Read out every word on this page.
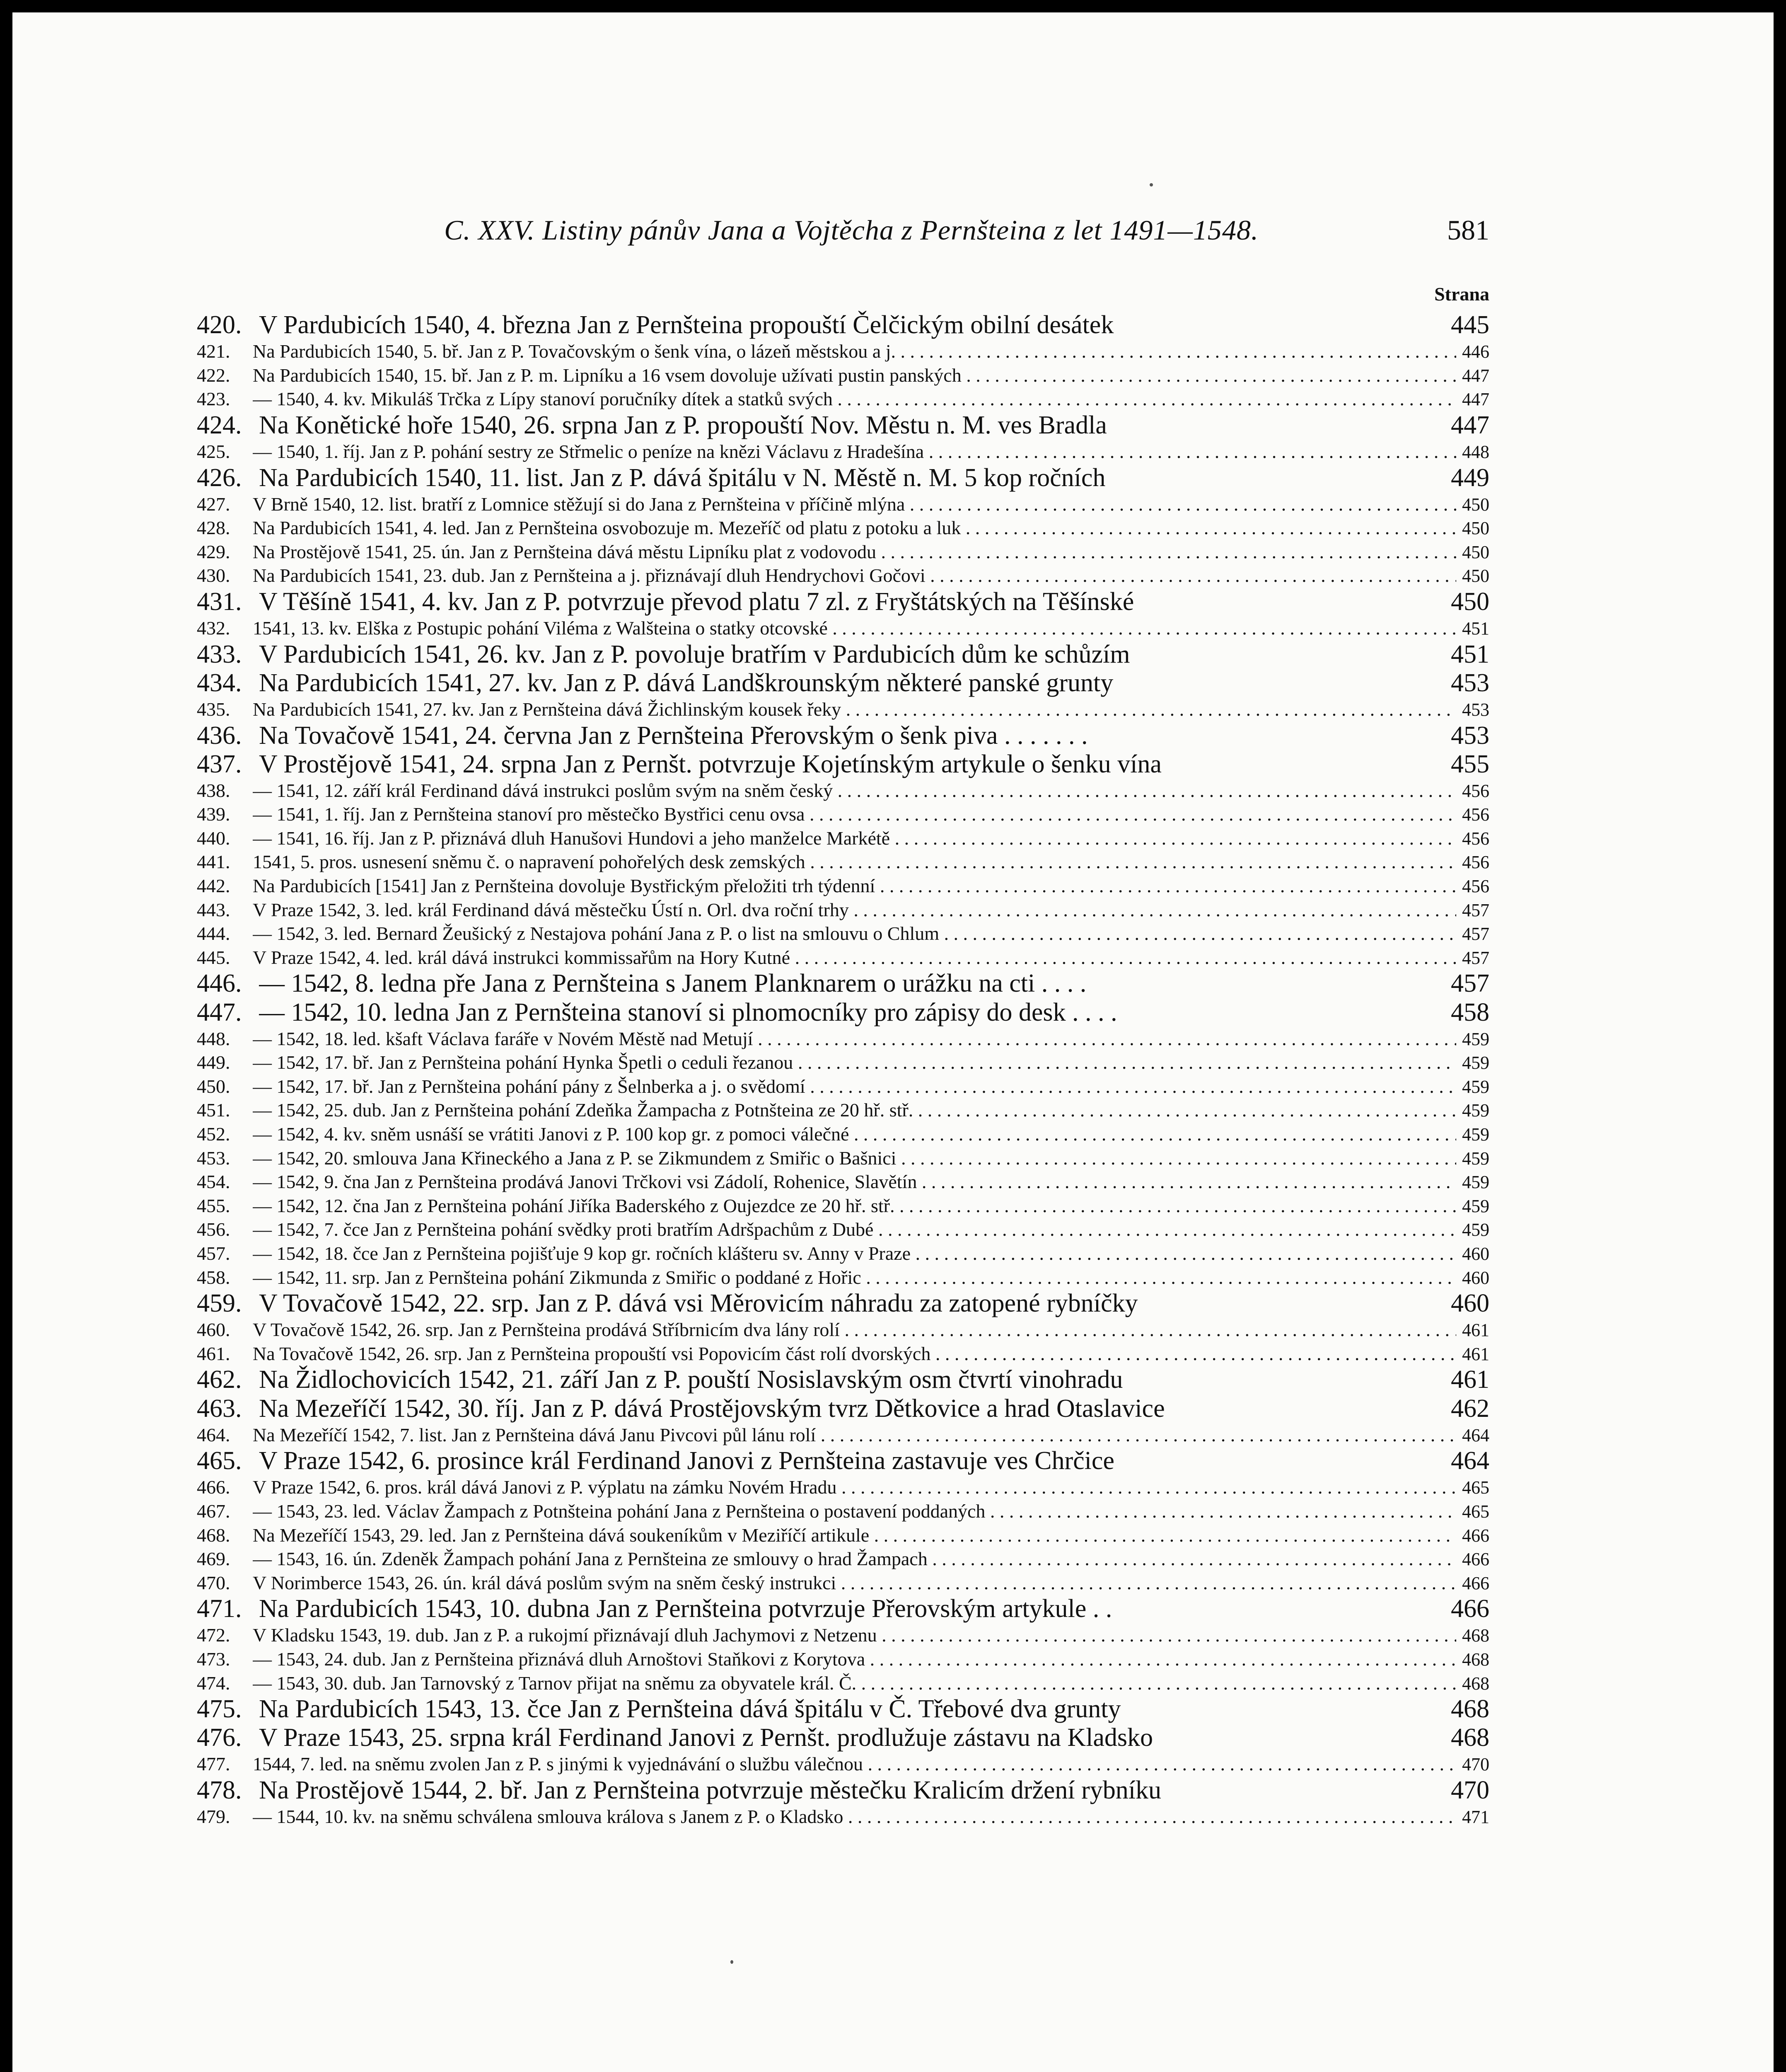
C. XXV. Listiny pánův Jana a Vojtěcha z Pernšteina z let 1491—1548.	581
Strana
420. V Pardubicích 1540, 4. března Jan z Pernšteina propouští Čelčickým obilní desátek	445
421.	Na Pardubicích 1540, 5. bř. Jan z P. Tovačovským o šenk vína, o lázeň městskou a j. . . .	446
422.	Na Pardubicích 1540, 15. bř. Jan z P. m. Lipníku a 16 vsem dovoluje užívati pustin panských . . .	447
423.	— 1540, 4. kv. Mikuláš Trčka z Lípy stanoví poručníky dítek a statků svých . . .	447
424. Na Konětické hoře 1540, 26. srpna Jan z P. propouští Nov. Městu n. M. ves Bradla	447
425.	— 1540, 1. říj. Jan z P. pohání sestry ze Střmelic o peníze na knězi Václavu z Hradešína . . .	448
426. Na Pardubicích 1540, 11. list. Jan z P. dává špitálu v N. Městě n. M. 5 kop ročních	449
427.	V Brně 1540, 12. list. bratří z Lomnice stěžují si do Jana z Pernšteina v příčině mlýna . . .	450
428.	Na Pardubicích 1541, 4. led. Jan z Pernšteina osvobozuje m. Mezeříč od platu z potoku a luk . . .	450
429.	Na Prostějově 1541, 25. ún. Jan z Pernšteina dává městu Lipníku plat z vodovodu . . .	450
430.	Na Pardubicích 1541, 23. dub. Jan z Pernšteina a j. přiznávají dluh Hendrychovi Gočovi . . .	450
431. V Těšíně 1541, 4. kv. Jan z P. potvrzuje převod platu 7 zl. z Fryštátských na Těšínské	450
432.	1541, 13. kv. Elška z Postupic pohání Viléma z Walšteina o statky otcovské . . .	451
433. V Pardubicích 1541, 26. kv. Jan z P. povoluje bratřím v Pardubicích dům ke schůzím	451
434. Na Pardubicích 1541, 27. kv. Jan z P. dává Landškrounským některé panské grunty	453
435.	Na Pardubicích 1541, 27. kv. Jan z Pernšteina dává Žichlinským kousek řeky . . .	453
436. Na Tovačově 1541, 24. června Jan z Pernšteina Přerovským o šenk piva . . . . . . .	453
437. V Prostějově 1541, 24. srpna Jan z Pernšt. potvrzuje Kojetínským artykule o šenku vína	455
438.	— 1541, 12. září král Ferdinand dává instrukci poslům svým na sněm český . . .	456
439.	— 1541, 1. říj. Jan z Pernšteina stanoví pro městečko Bystřici cenu ovsa . . .	456
440.	— 1541, 16. říj. Jan z P. přiznává dluh Hanušovi Hundovi a jeho manželce Markétě . . .	456
441.	1541, 5. pros. usnesení sněmu č. o napravení pohořelých desk zemských . . .	456
442.	Na Pardubicích [1541] Jan z Pernšteina dovoluje Bystřickým přeložiti trh týdenní . . .	456
443.	V Praze 1542, 3. led. král Ferdinand dává městečku Ústí n. Orl. dva roční trhy . . .	457
444.	— 1542, 3. led. Bernard Žeušický z Nestajova pohání Jana z P. o list na smlouvu o Chlum . . .	457
445.	V Praze 1542, 4. led. král dává instrukci kommissařům na Hory Kutné . . .	457
446. — 1542, 8. ledna pře Jana z Pernšteina s Janem Planknarem o urážku na cti . . . .	457
447. — 1542, 10. ledna Jan z Pernšteina stanoví si plnomocníky pro zápisy do desk . . . .	458
448.	— 1542, 18. led. kšaft Václava faráře v Novém Městě nad Metují . . .	459
449.	— 1542, 17. bř. Jan z Pernšteina pohání Hynka Špetli o ceduli řezanou . . .	459
450.	— 1542, 17. bř. Jan z Pernšteina pohání pány z Šelnberka a j. o svědomí . . .	459
451.	— 1542, 25. dub. Jan z Pernšteina pohání Zdeňka Žampacha z Potnšteina ze 20 hř. stř. . . .	459
452.	— 1542, 4. kv. sněm usnáší se vrátiti Janovi z P. 100 kop gr. z pomoci válečné . . .	459
453.	— 1542, 20. smlouva Jana Křineckého a Jana z P. se Zikmundem z Smiřic o Bašnici . . .	459
454.	— 1542, 9. čna Jan z Pernšteina prodává Janovi Trčkovi vsi Zádolí, Rohenice, Slavětín . . .	459
455.	— 1542, 12. čna Jan z Pernšteina pohání Jiříka Baderského z Oujezdce ze 20 hř. stř. . . .	459
456.	— 1542, 7. čce Jan z Pernšteina pohání svědky proti bratřím Adršpachům z Dubé . . .	459
457.	— 1542, 18. čce Jan z Pernšteina pojišťuje 9 kop gr. ročních klášteru sv. Anny v Praze . . .	460
458.	— 1542, 11. srp. Jan z Pernšteina pohání Zikmunda z Smiřic o poddané z Hořic . . .	460
459. V Tovačově 1542, 22. srp. Jan z P. dává vsi Měrovicím náhradu za zatopené rybníčky	460
460.	V Tovačově 1542, 26. srp. Jan z Pernšteina prodává Stříbrnicím dva lány rolí . . .	461
461.	Na Tovačově 1542, 26. srp. Jan z Pernšteina propouští vsi Popovicím část rolí dvorských . . .	461
462. Na Židlochovicích 1542, 21. září Jan z P. pouští Nosislavským osm čtvrtí vinohradu	461
463. Na Mezeříčí 1542, 30. říj. Jan z P. dává Prostějovským tvrz Dětkovice a hrad Otaslavice	462
464.	Na Mezeříčí 1542, 7. list. Jan z Pernšteina dává Janu Pivcovi půl lánu rolí . . .	464
465. V Praze 1542, 6. prosince král Ferdinand Janovi z Pernšteina zastavuje ves Chrčice	464
466.	V Praze 1542, 6. pros. král dává Janovi z P. výplatu na zámku Novém Hradu . . .	465
467.	— 1543, 23. led. Václav Žampach z Potnšteina pohání Jana z Pernšteina o postavení poddaných . . .	465
468.	Na Mezeříčí 1543, 29. led. Jan z Pernšteina dává soukeníkům v Meziříčí artikule . . .	466
469.	— 1543, 16. ún. Zdeněk Žampach pohání Jana z Pernšteina ze smlouvy o hrad Žampach . . .	466
470.	V Norimberce 1543, 26. ún. král dává poslům svým na sněm český instrukci . . .	466
471. Na Pardubicích 1543, 10. dubna Jan z Pernšteina potvrzuje Přerovským artykule . .	466
472.	V Kladsku 1543, 19. dub. Jan z P. a rukojmí přiznávají dluh Jachymovi z Netzenu . . .	468
473.	— 1543, 24. dub. Jan z Pernšteina přiznává dluh Arnoštovi Staňkovi z Korytova . . .	468
474.	— 1543, 30. dub. Jan Tarnovský z Tarnov přijat na sněmu za obyvatele král. Č. . . .	468
475. Na Pardubicích 1543, 13. čce Jan z Pernšteina dává špitálu v Č. Třebové dva grunty	468
476. V Praze 1543, 25. srpna král Ferdinand Janovi z Pernšt. prodlužuje zástavu na Kladsko	468
477.	1544, 7. led. na sněmu zvolen Jan z P. s jinými k vyjednávání o službu válečnou . . .	470
478. Na Prostějově 1544, 2. bř. Jan z Pernšteina potvrzuje městečku Kralicím držení rybníku	470
479.	— 1544, 10. kv. na sněmu schválena smlouva králova s Janem z P. o Kladsko . . .	471
